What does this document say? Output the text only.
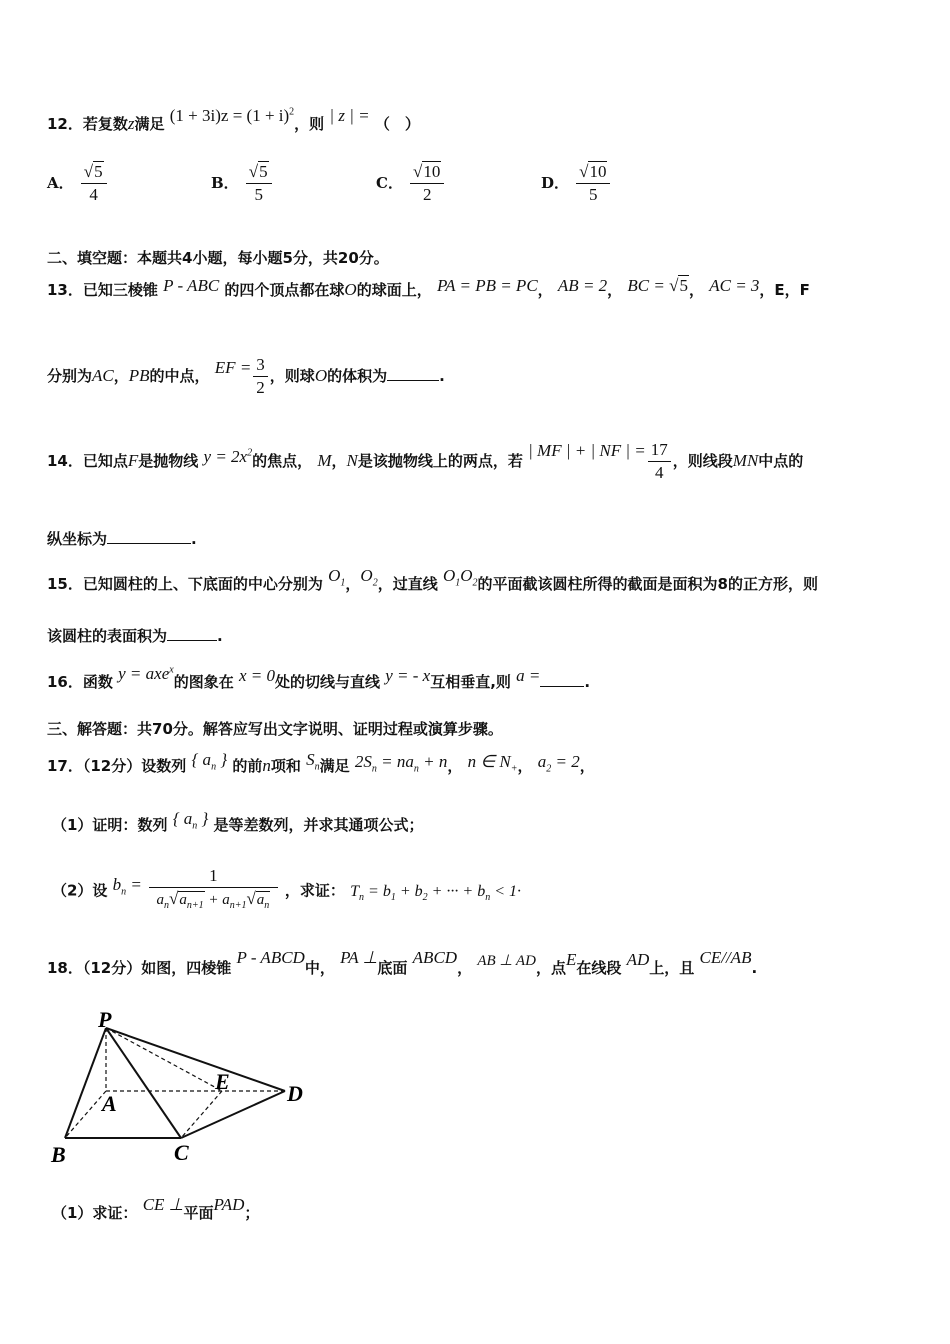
12．若复数z满足 $(1 + 3i)z = (1 + i)^2$，则 | z | = （　）
A． $\frac{√5}{4}$	B． $\frac{√5}{5}$	C． $\frac{√10}{2}$	D． $\frac{√10}{5}$
二、填空题：本题共4小题，每小题5分，共20分。
13．已知三棱锥 P - ABC 的四个顶点都在球O的球面上， PA = PB = PC， AB = 2， BC = √5， AC = 3，E，F
分别为AC，PB的中点， EF = $\frac{3}{2}$ ，则球O的体积为	.
14．已知点F是抛物线 $y = 2x^2$的焦点， M，N是该抛物线上的两点，若 | MF | + | NF | = $\frac{17}{4}$ ，则线段MN中点的
纵坐标为	.
15．已知圆柱的上、下底面的中心分别为 $O_1$，$O_2$，过直线 $O_1O_2$的平面截该圆柱所得的截面是面积为8的正方形，则
该圆柱的表面积为	.
16．函数 y = axe$^x$的图象在 x = 0处的切线与直线 y = - x互相垂直,则 a =	.
三、解答题：共70分。解答应写出文字说明、证明过程或演算步骤。
17．（12分）设数列 { $a_n$ } 的前n项和 $S_n$满足 $2S_n = na_n + n$， n ∈ $N_+$， $a_2 = 2$，
（1）证明：数列 { $a_n$ } 是等差数列，并求其通项公式；
（2）设 $b_n = \frac{1}{a_n√a_{n+1} + a_{n+1}√a_n}$ ，求证： $T_n = b_1 + b_2$ + ··· + $b_n < 1\cdot$
18．（12分）如图，四棱锥 P - ABCD中， PA ⊥底面 ABCD， AB ⊥ AD，点E在线段 AD上，且 CE//AB.
P
A
B	C
D
E
（1）求证： CE ⊥平面PAD；
